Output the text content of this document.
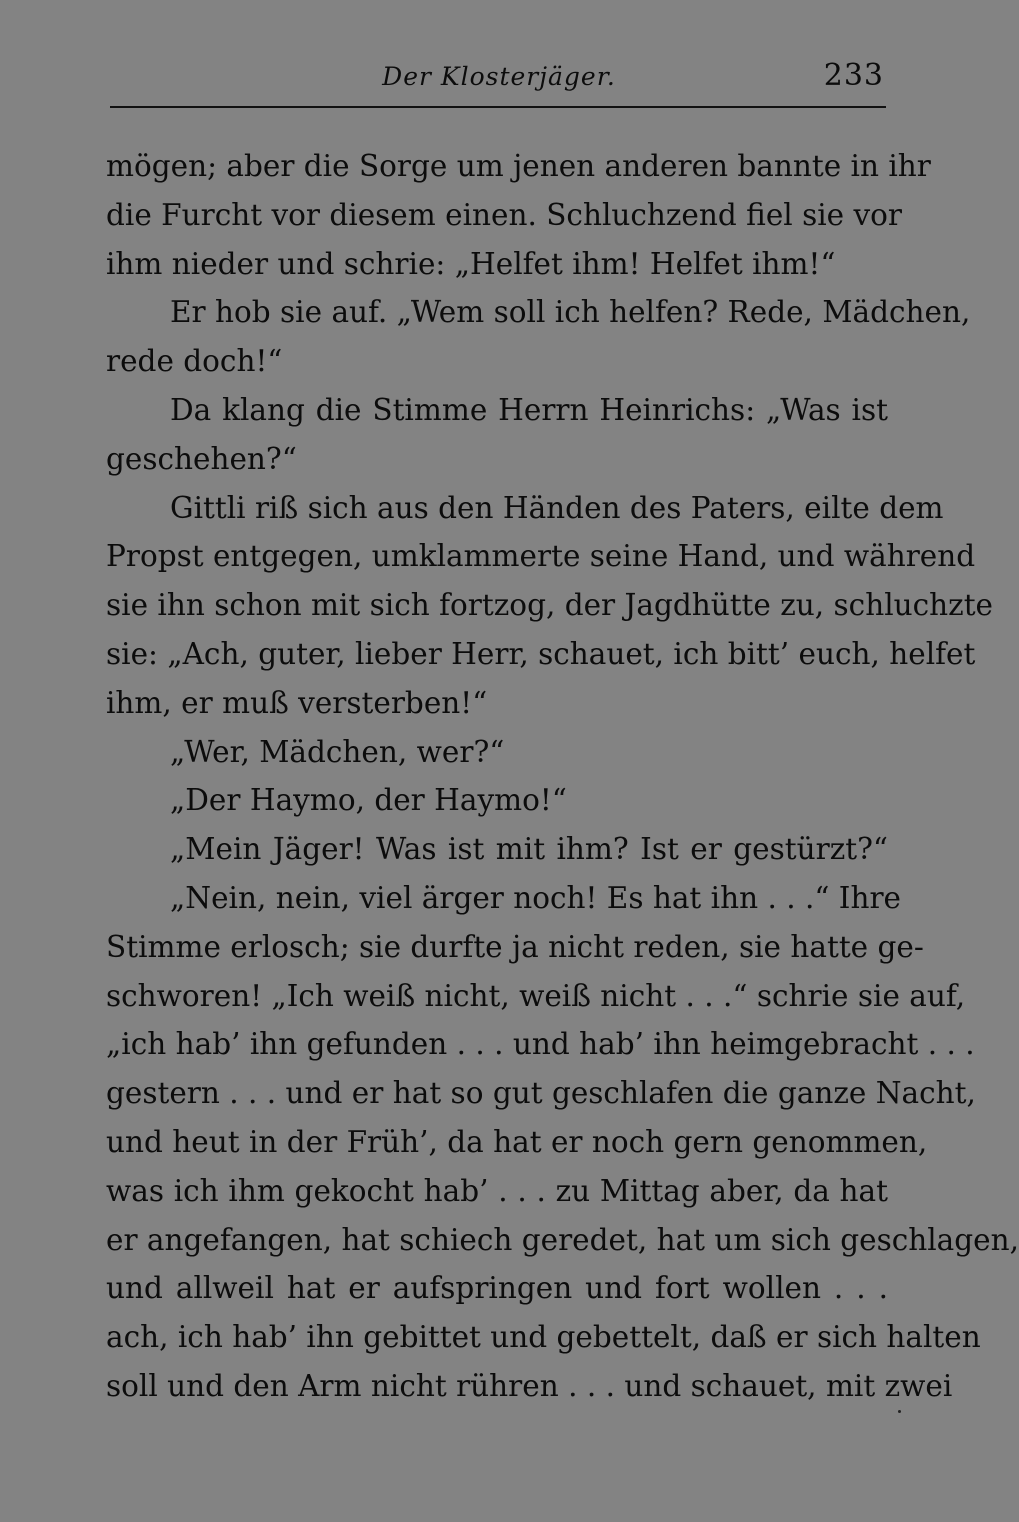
Der Klosterjäger.	233
mögen; aber die Sorge um jenen anderen bannte in ihr
die Furcht vor diesem einen. Schluchzend fiel sie vor
ihm nieder und schrie: „Helfet ihm! Helfet ihm!“
Er hob sie auf. „Wem soll ich helfen? Rede, Mädchen,
rede doch!“
Da klang die Stimme Herrn Heinrichs: „Was ist
geschehen?“
Gittli riß sich aus den Händen des Paters, eilte dem
Propst entgegen, umklammerte seine Hand, und während
sie ihn schon mit sich fortzog, der Jagdhütte zu, schluchzte
sie: „Ach, guter, lieber Herr, schauet, ich bitt’ euch, helfet
ihm, er muß versterben!“
„Wer, Mädchen, wer?“
„Der Haymo, der Haymo!“
„Mein Jäger! Was ist mit ihm? Ist er gestürzt?“
„Nein, nein, viel ärger noch! Es hat ihn . . .“ Ihre
Stimme erlosch; sie durfte ja nicht reden, sie hatte ge-
schworen! „Ich weiß nicht, weiß nicht . . .“ schrie sie auf,
„ich hab’ ihn gefunden . . . und hab’ ihn heimgebracht . . .
gestern . . . und er hat so gut geschlafen die ganze Nacht,
und heut in der Früh’, da hat er noch gern genommen,
was ich ihm gekocht hab’ . . . zu Mittag aber, da hat
er angefangen, hat schiech geredet, hat um sich geschlagen,
und allweil hat er aufspringen und fort wollen . . .
ach, ich hab’ ihn gebittet und gebettelt, daß er sich halten
soll und den Arm nicht rühren . . . und schauet, mit zwei
